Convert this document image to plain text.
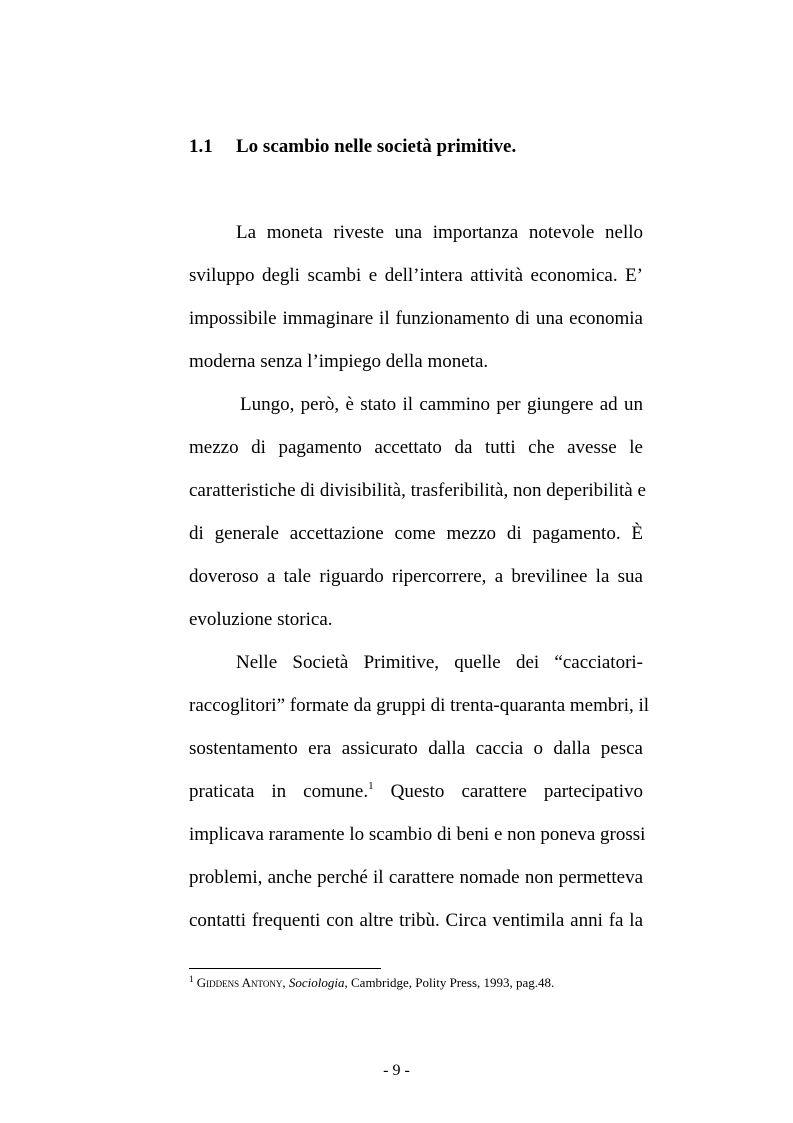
1.1 Lo scambio nelle società primitive.
La moneta riveste una importanza notevole nello
sviluppo degli scambi e dell’intera attività economica. E’
impossibile immaginare il funzionamento di una economia
moderna senza l’impiego della moneta.
Lungo, però, è stato il cammino per giungere ad un
mezzo di pagamento accettato da tutti che avesse le
caratteristiche di divisibilità, trasferibilità, non deperibilità e
di generale accettazione come mezzo di pagamento. È
doveroso a tale riguardo ripercorrere, a brevilinee la sua
evoluzione storica.
Nelle Società Primitive, quelle dei “cacciatori-
raccoglitori” formate da gruppi di trenta-quaranta membri, il
sostentamento era assicurato dalla caccia o dalla pesca
praticata in comune.$^1$ Questo carattere partecipativo
implicava raramente lo scambio di beni e non poneva grossi
problemi, anche perché il carattere nomade non permetteva
contatti frequenti con altre tribù. Circa ventimila anni fa la
$^1$ Giddens Antony, Sociologia, Cambridge, Polity Press, 1993, pag.48.
- 9 -
